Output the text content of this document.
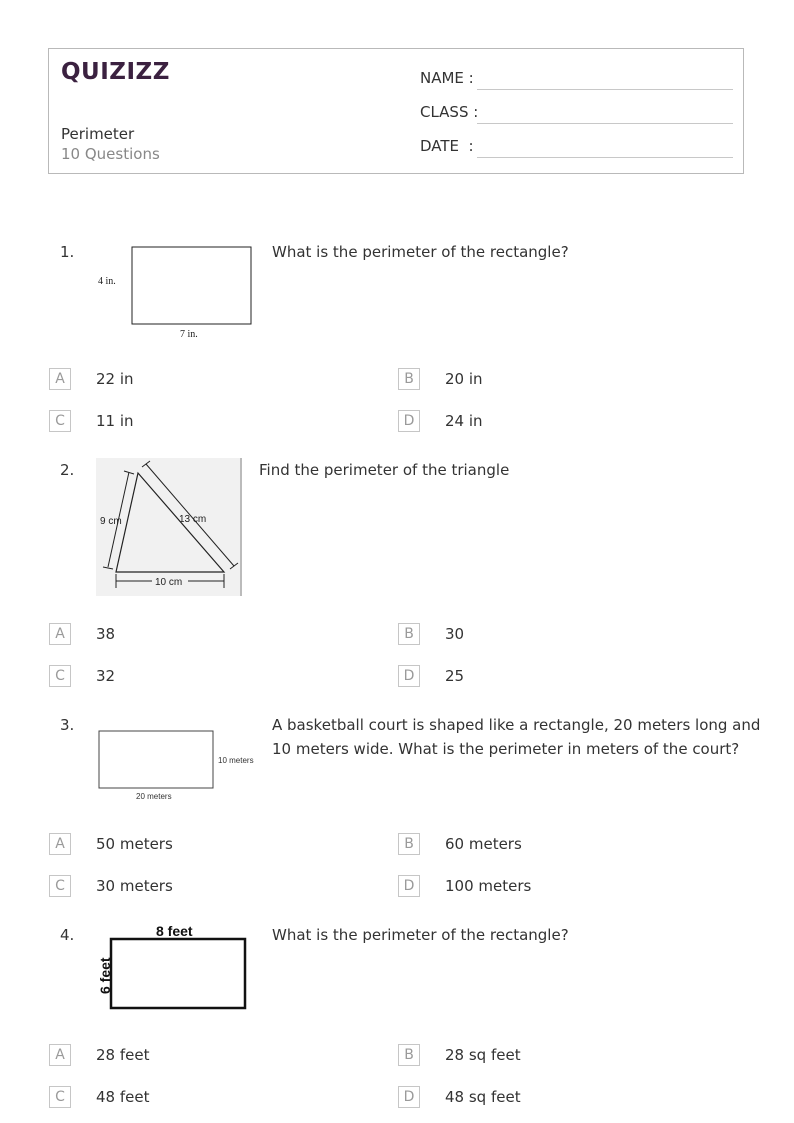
QUIZIZZ
Perimeter
10 Questions
NAME :
CLASS :
DATE  :
1.
4 in.
7 in.
What is the perimeter of the rectangle?
A	22 in	B	20 in
C	11 in	D	24 in
2.
9 cm	13 cm
10 cm
Find the perimeter of the triangle
A	38	B	30
C	32	D	25
3.
10 meters
20 meters
A basketball court is shaped like a rectangle, 20 meters long and
10 meters wide. What is the perimeter in meters of the court?
A	50 meters	B	60 meters
C	30 meters	D	100 meters
4.	8 feet
6 feet
What is the perimeter of the rectangle?
A	28 feet	B	28 sq feet
C	48 feet	D	48 sq feet
